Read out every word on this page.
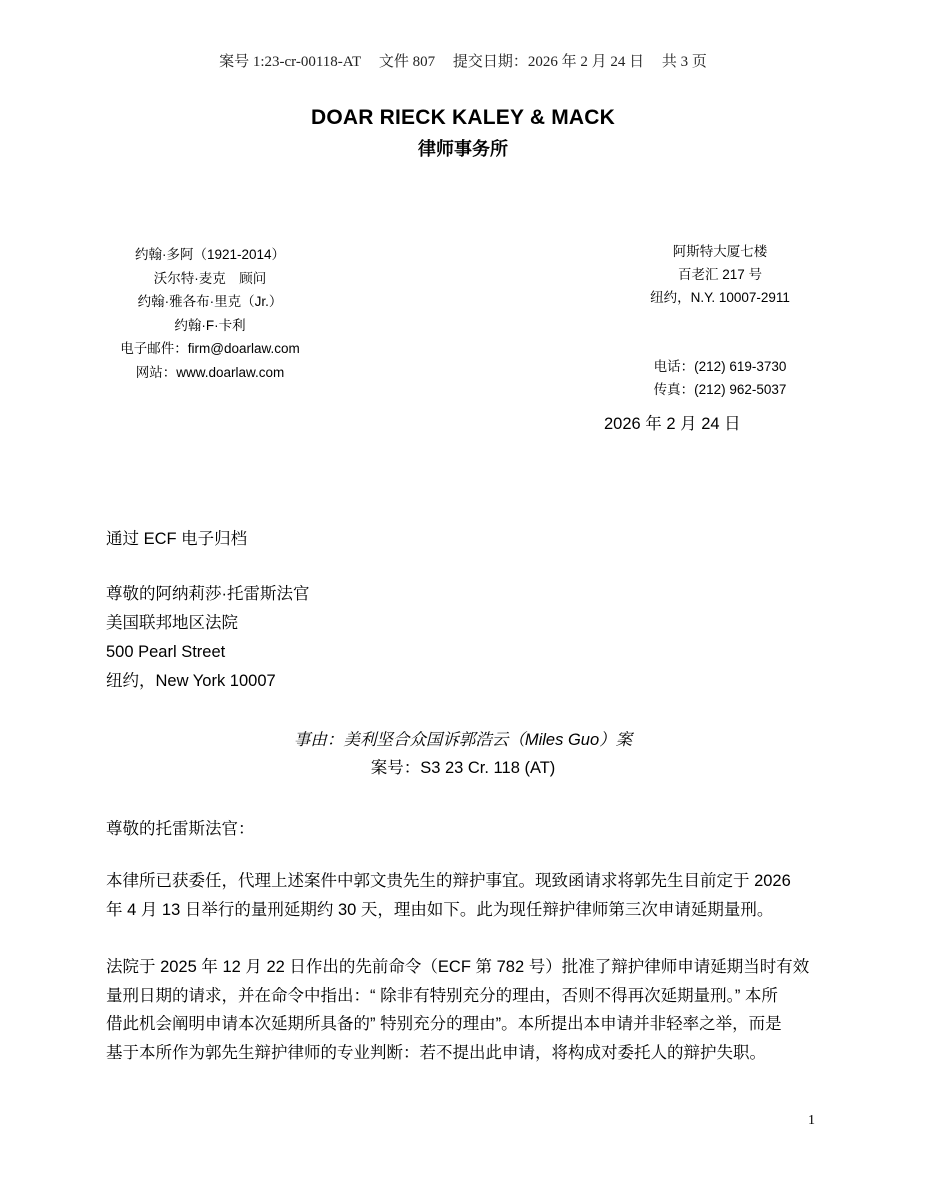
案号 1:23-cr-00118-AT 文件 807 提交日期：2026 年 2 月 24 日 共 3 页
DOAR RIECK KALEY & MACK
律师事务所
约翰·多阿（1921-2014）
沃尔特·麦克　顾问
约翰·雅各布·里克（Jr.）
约翰·F·卡利
电子邮件：firm@doarlaw.com
网站：www.doarlaw.com
阿斯特大厦七楼
百老汇 217 号
纽约，N.Y. 10007-2911
电话：(212) 619-3730
传真：(212) 962-5037
2026 年 2 月 24 日
通过 ECF 电子归档
尊敬的阿纳莉莎·托雷斯法官
美国联邦地区法院
500 Pearl Street
纽约，New York 10007
事由：美利坚合众国诉郭浩云（Miles Guo）案
案号：S3 23 Cr. 118 (AT)
尊敬的托雷斯法官：
本律所已获委任，代理上述案件中郭文贵先生的辩护事宜。现致函请求将郭先生目前定于 2026
年 4 月 13 日举行的量刑延期约 30 天，理由如下。此为现任辩护律师第三次申请延期量刑。
法院于 2025 年 12 月 22 日作出的先前命令（ECF 第 782 号）批准了辩护律师申请延期当时有效
量刑日期的请求，并在命令中指出：“ 除非有特别充分的理由，否则不得再次延期量刑。” 本所
借此机会阐明申请本次延期所具备的” 特别充分的理由”。本所提出本申请并非轻率之举，而是
基于本所作为郭先生辩护律师的专业判断：若不提出此申请，将构成对委托人的辩护失职。
1
